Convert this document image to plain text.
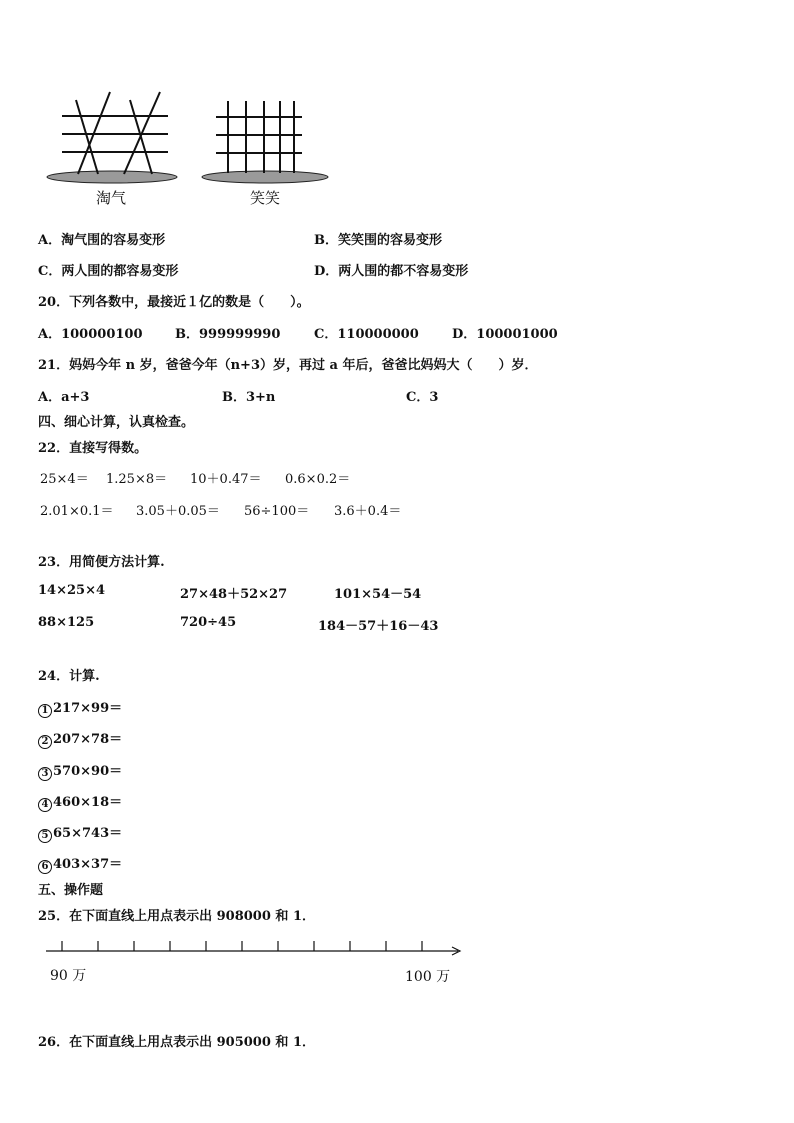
淘气	笑笑
A．淘气围的容易变形	B．笑笑围的容易变形
C．两人围的都容易变形	D．两人围的都不容易变形
20．下列各数中，最接近１亿的数是（　　）。
A．100000100	B．999999990	C．110000000	D．100001000
21．妈妈今年 n 岁，爸爸今年（n+3）岁，再过 a 年后，爸爸比妈妈大（　　）岁．
A．a+3	B．3+n	C．3
四、细心计算，认真检查。
22．直接写得数。
25×4＝ 1.25×8＝ 10＋0.47＝ 0.6×0.2＝
2.01×0.1＝ 3.05＋0.05＝ 56÷100＝ 3.6＋0.4＝
23．用简便方法计算.
14×25×4	27×48＋52×27	101×54－54
88×125	720÷45	184－57＋16－43
24．计算.
1 217×99＝
2 207×78＝
3 570×90＝
4 460×18＝
5 65×743＝
6 403×37＝
五、操作题
25．在下面直线上用点表示出 908000 和 1．
90 万	100 万
26．在下面直线上用点表示出 905000 和 1．
